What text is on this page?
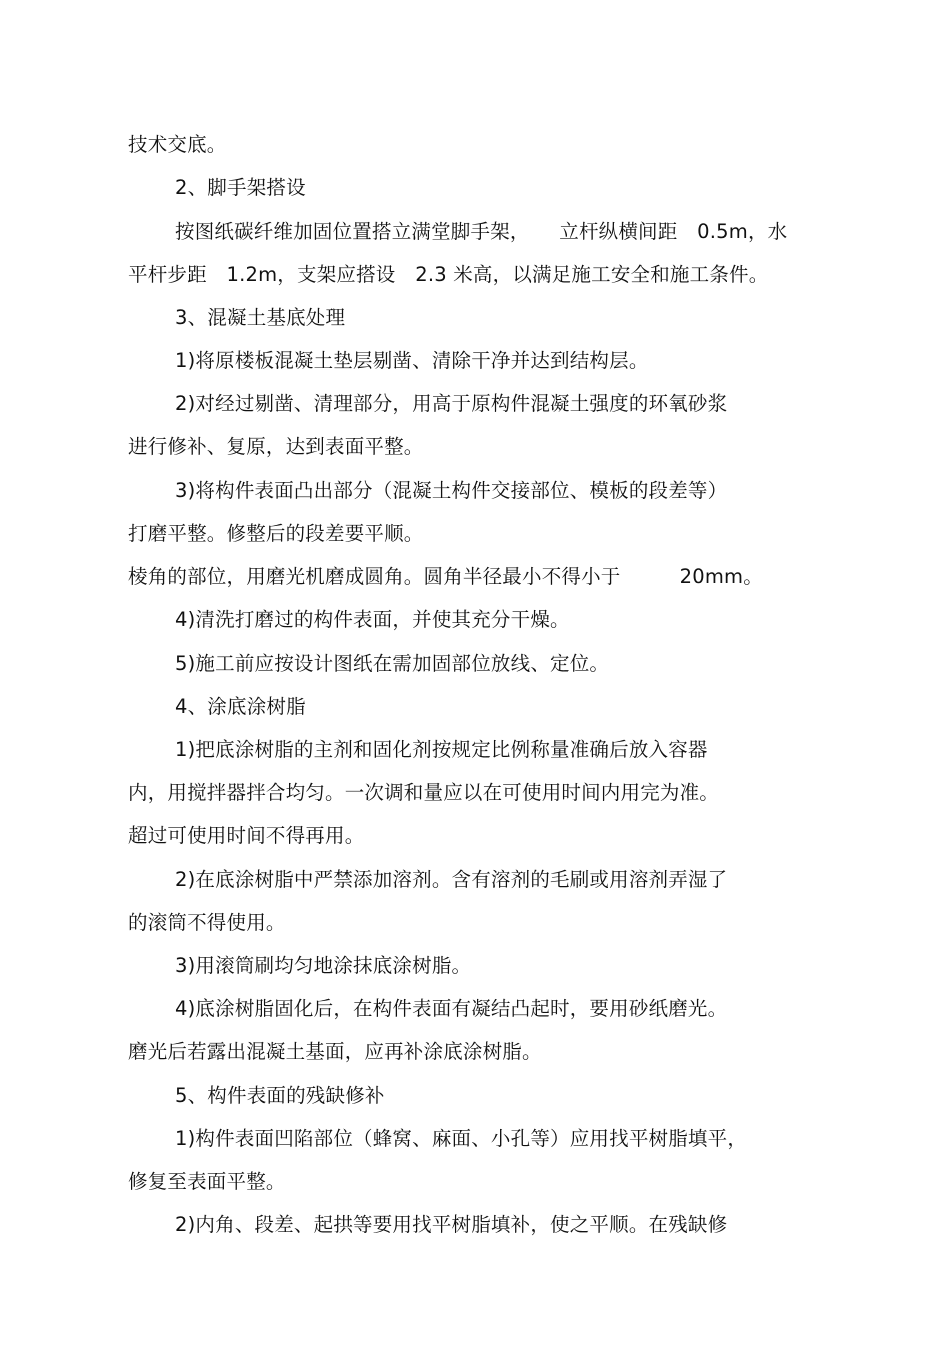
技术交底。
2、脚手架搭设
按图纸碳纤维加固位置搭立满堂脚手架，　　立杆纵横间距　0.5m，水
平杆步距　1.2m，支架应搭设　2.3 米高，以满足施工安全和施工条件。
3、混凝土基底处理
1)将原楼板混凝土垫层剔凿、清除干净并达到结构层。
2)对经过剔凿、清理部分，用高于原构件混凝土强度的环氧砂浆
进行修补、复原，达到表面平整。
3)将构件表面凸出部分（混凝土构件交接部位、模板的段差等）
打磨平整。修整后的段差要平顺。
棱角的部位，用磨光机磨成圆角。圆角半径最小不得小于　　　20mm。
4)清洗打磨过的构件表面，并使其充分干燥。
5)施工前应按设计图纸在需加固部位放线、定位。
4、涂底涂树脂
1)把底涂树脂的主剂和固化剂按规定比例称量准确后放入容器
内，用搅拌器拌合均匀。一次调和量应以在可使用时间内用完为准。
超过可使用时间不得再用。
2)在底涂树脂中严禁添加溶剂。含有溶剂的毛刷或用溶剂弄湿了
的滚筒不得使用。
3)用滚筒刷均匀地涂抹底涂树脂。
4)底涂树脂固化后，在构件表面有凝结凸起时，要用砂纸磨光。
磨光后若露出混凝土基面，应再补涂底涂树脂。
5、构件表面的残缺修补
1)构件表面凹陷部位（蜂窝、麻面、小孔等）应用找平树脂填平，
修复至表面平整。
2)内角、段差、起拱等要用找平树脂填补，使之平顺。在残缺修
